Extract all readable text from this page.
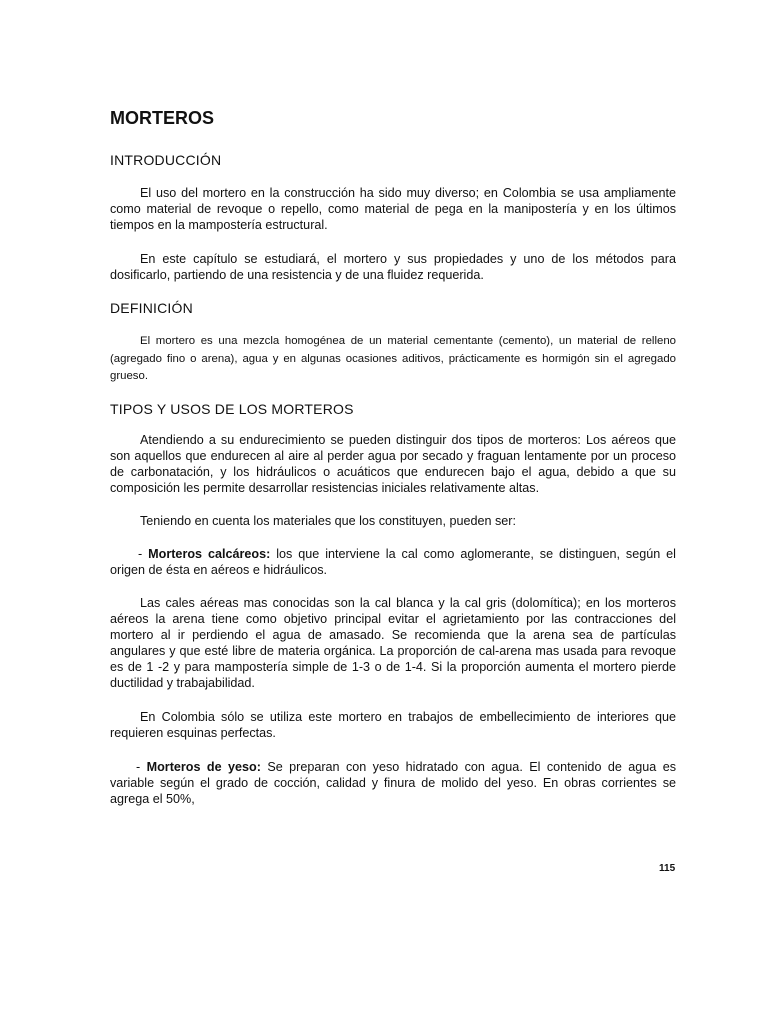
MORTEROS
INTRODUCCIÓN

El uso del mortero en la construcción ha sido muy diverso; en Colombia se usa ampliamente como material de revoque o repello, como material de pega en la manipostería y en los últimos tiempos en la mampostería estructural.

En este capítulo se estudiará, el mortero y sus propiedades y uno de los métodos para dosificarlo, partiendo de una resistencia y de una fluidez requerida.

DEFINICIÓN

El mortero es una mezcla homogénea de un material cementante (cemento), un material de relleno (agregado fino o arena), agua y en algunas ocasiones aditivos, prácticamente es hormigón sin el agregado grueso.

TIPOS Y USOS DE LOS MORTEROS

Atendiendo a su endurecimiento se pueden distinguir dos tipos de morteros: Los aéreos que son aquellos que endurecen al aire al perder agua por secado y fraguan lentamente por un proceso de carbonatación, y los hidráulicos o acuáticos que endurecen bajo el agua, debido a que su composición les permite desarrollar resistencias iniciales relativamente altas.

Teniendo en cuenta los materiales que los constituyen, pueden ser:

- Morteros calcáreos: los que interviene la cal como aglomerante, se distinguen, según el origen de ésta en aéreos e hidráulicos.

Las cales aéreas mas conocidas son la cal blanca y la cal gris (dolomítica); en los morteros aéreos la arena tiene como objetivo principal evitar el agrietamiento por las contracciones del mortero al ir perdiendo el agua de amasado. Se recomienda que la arena sea de partículas angulares y que esté libre de materia orgánica. La proporción de cal-arena mas usada para revoque es de 1 -2 y para mampostería simple de 1-3 o de 1-4. Si la proporción aumenta el mortero pierde ductilidad y trabajabilidad.

En Colombia sólo se utiliza este mortero en trabajos de embellecimiento de interiores que requieren esquinas perfectas.

- Morteros de yeso: Se preparan con yeso hidratado con agua. El contenido de agua es variable según el grado de cocción, calidad y finura de molido del yeso. En obras corrientes se agrega el 50%,

115
